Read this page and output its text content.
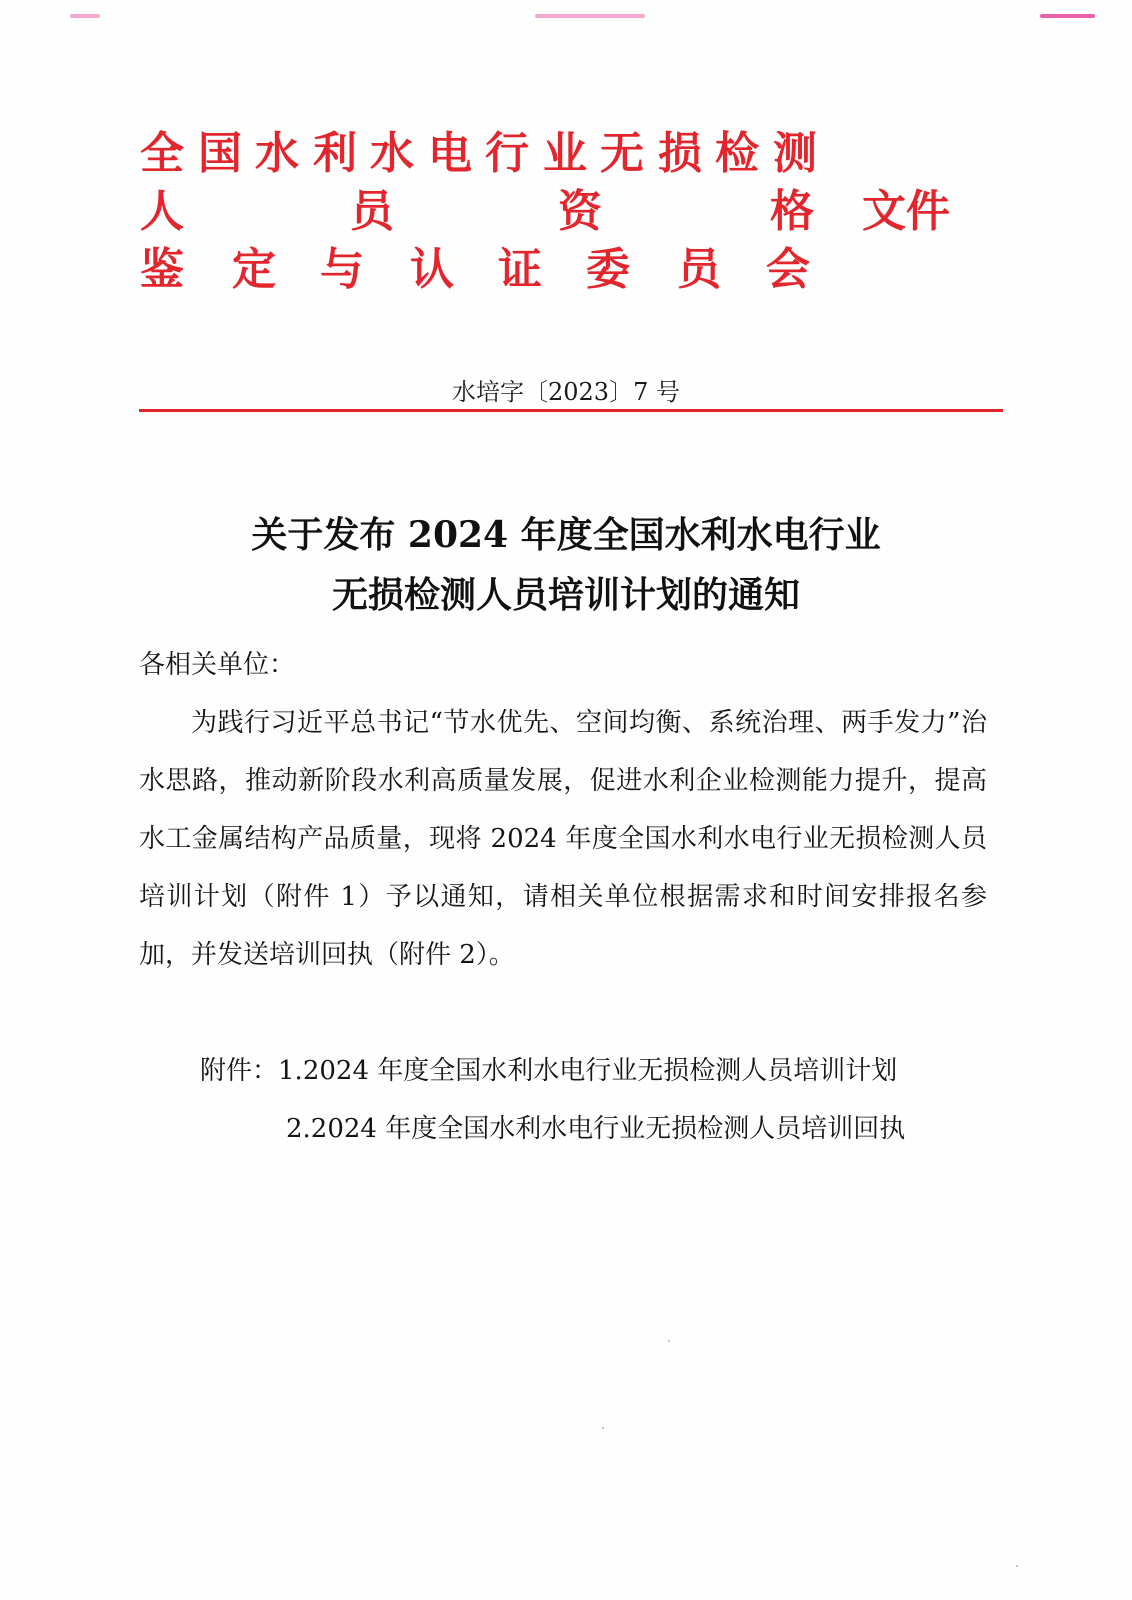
全 国 水 利 水 电 行 业 无 损 检 测
人	员	资	格 文件
鉴 定 与 认 证 委 员 会
水培字〔2023〕7 号
关于发布 2024 年度全国水利水电行业
无损检测人员培训计划的通知

各相关单位：

为践行习近平总书记“节水优先、空间均衡、系统治理、两手发力”治水思路，推动新阶段水利高质量发展，促进水利企业检测能力提升，提高水工金属结构产品质量，现将 2024 年度全国水利水电行业无损检测人员培训计划（附件 1）予以通知，请相关单位根据需求和时间安排报名参加，并发送培训回执（附件 2）。

附件：1.2024 年度全国水利水电行业无损检测人员培训计划
2.2024 年度全国水利水电行业无损检测人员培训回执
